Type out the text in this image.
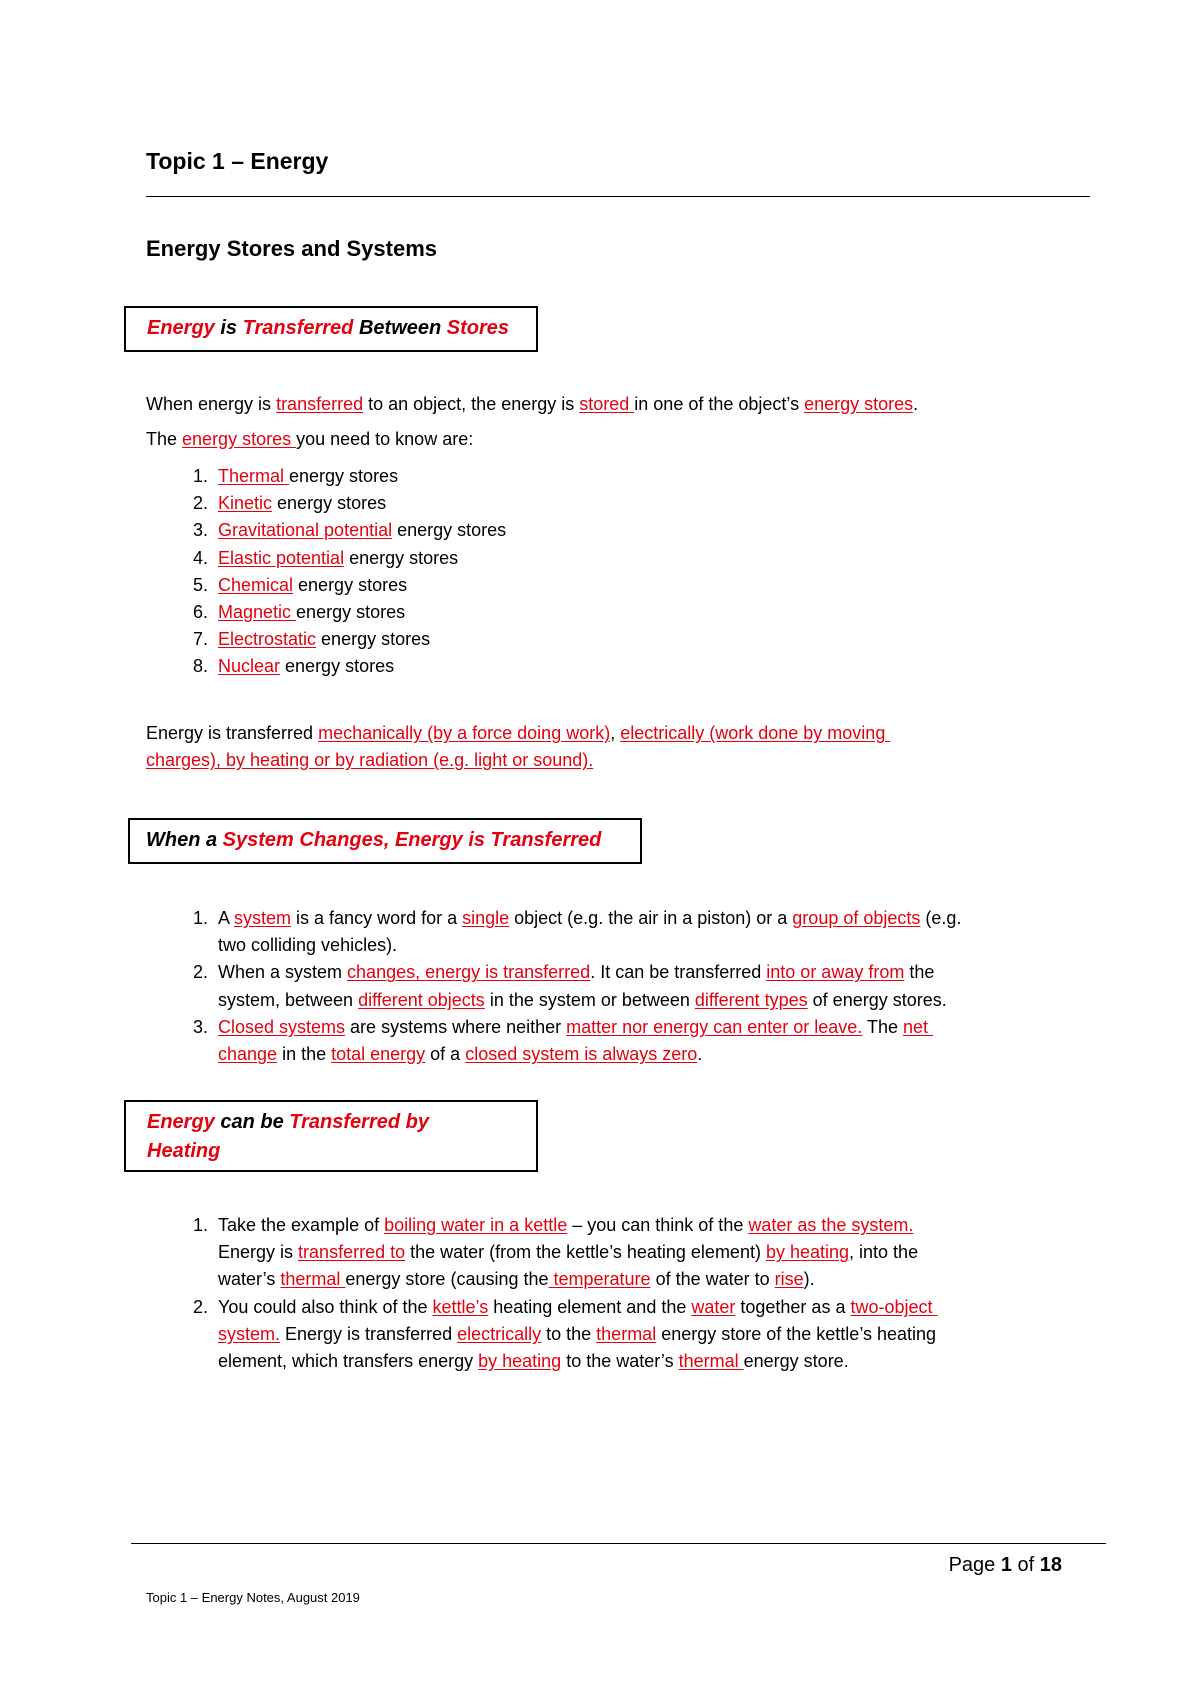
Topic 1 – Energy
Energy Stores and Systems
Energy is Transferred Between Stores

When energy is transferred to an object, the energy is stored in one of the object’s energy stores.

The energy stores you need to know are:

1. Thermal energy stores
2. Kinetic energy stores
3. Gravitational potential energy stores
4. Elastic potential energy stores
5. Chemical energy stores
6. Magnetic energy stores
7. Electrostatic energy stores
8. Nuclear energy stores

Energy is transferred mechanically (by a force doing work), electrically (work done by moving

charges), by heating or by radiation (e.g. light or sound).

When a System Changes, Energy is Transferred
1. A system is a fancy word for a single object (e.g. the air in a piston) or a group of objects (e.g.
two colliding vehicles).
2. When a system changes, energy is transferred. It can be transferred into or away from the
system, between different objects in the system or between different types of energy stores.
3. Closed systems are systems where neither matter nor energy can enter or leave. The net
change in the total energy of a closed system is always zero.
Energy can be Transferred by
Heating
1. Take the example of boiling water in a kettle – you can think of the water as the system.
Energy is transferred to the water (from the kettle’s heating element) by heating, into the
water’s thermal energy store (causing the temperature of the water to rise).
2. You could also think of the kettle’s heating element and the water together as a two-object
system. Energy is transferred electrically to the thermal energy store of the kettle’s heating
element, which transfers energy by heating to the water’s thermal energy store.
Page 1 of 18
Topic 1 – Energy Notes, August 2019
